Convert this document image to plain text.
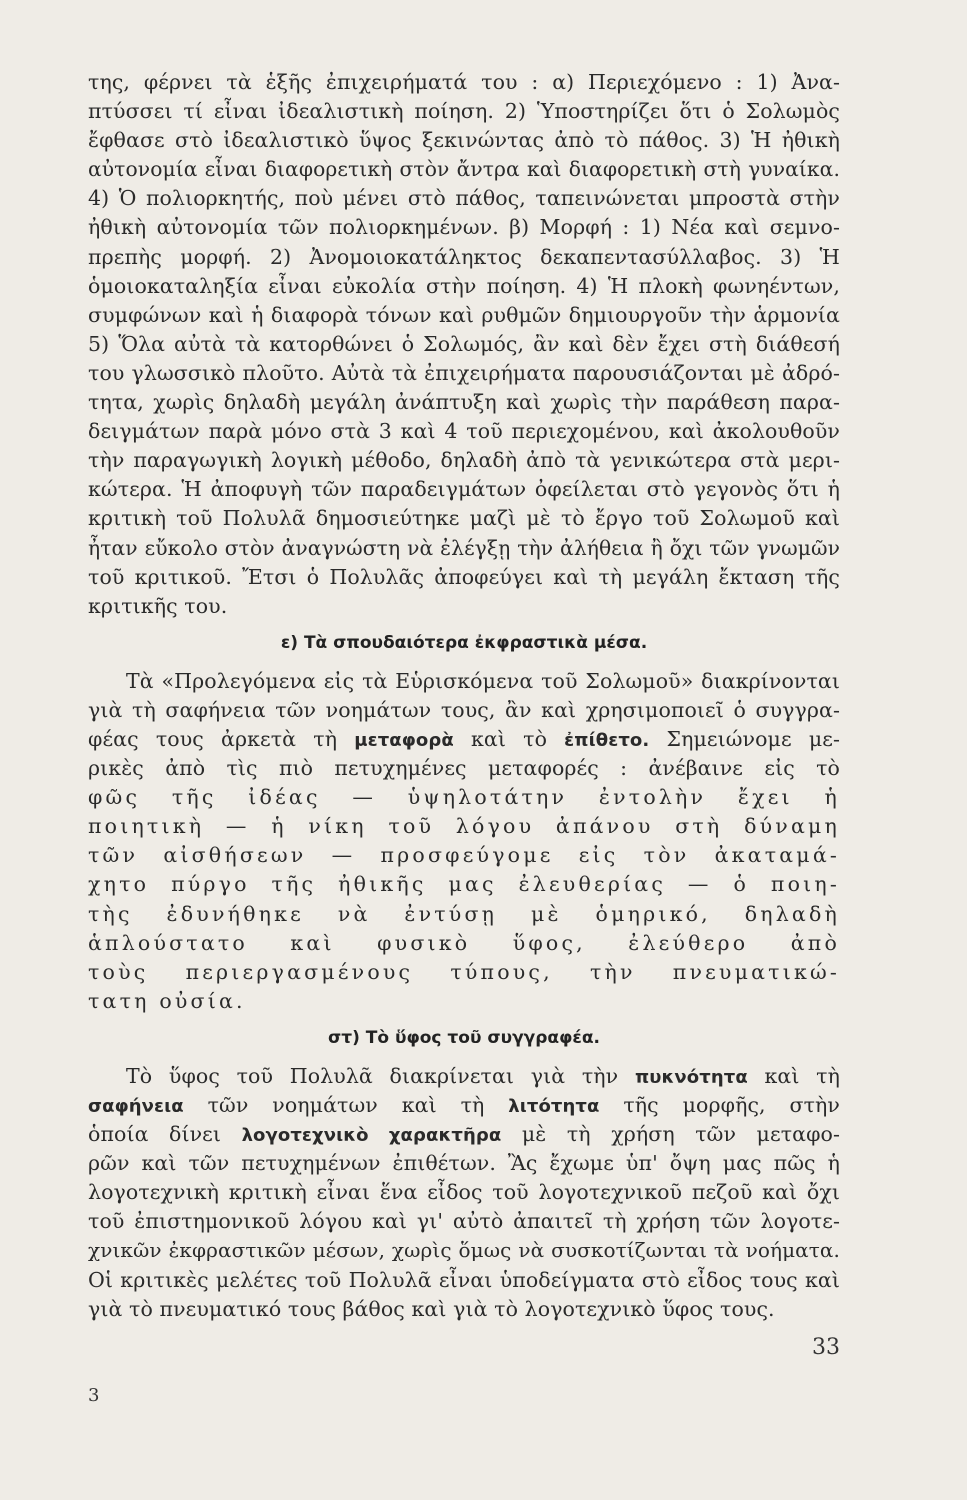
της, φέρνει τὰ ἑξῆς ἐπιχειρήματά του : α) Περιεχόμενο : 1) Ἀνα-
πτύσσει τί εἶναι ἰδεαλιστικὴ ποίηση. 2) Ὑποστηρίζει ὅτι ὁ Σολωμὸς
ἔφθασε στὸ ἰδεαλιστικὸ ὕψος ξεκινώντας ἀπὸ τὸ πάθος. 3) Ἡ ἠθικὴ
αὐτονομία εἶναι διαφορετικὴ στὸν ἄντρα καὶ διαφορετικὴ στὴ γυναίκα.
4) Ὁ πολιορκητής, ποὺ μένει στὸ πάθος, ταπεινώνεται μπροστὰ στὴν
ἠθικὴ αὐτονομία τῶν πολιορκημένων. β) Μορφή : 1) Νέα καὶ σεμνο-
πρεπὴς μορφή. 2) Ἀνομοιοκατάληκτος δεκαπεντασύλλαβος. 3) Ἡ
ὁμοιοκαταληξία εἶναι εὐκολία στὴν ποίηση. 4) Ἡ πλοκὴ φωνηέντων,
συμφώνων καὶ ἡ διαφορὰ τόνων καὶ ρυθμῶν δημιουργοῦν τὴν ἁρμονία
5) Ὅλα αὐτὰ τὰ κατορθώνει ὁ Σολωμός, ἂν καὶ δὲν ἔχει στὴ διάθεσή
του γλωσσικὸ πλοῦτο. Αὐτὰ τὰ ἐπιχειρήματα παρουσιάζονται μὲ ἀδρό-
τητα, χωρὶς δηλαδὴ μεγάλη ἀνάπτυξη καὶ χωρὶς τὴν παράθεση παρα-
δειγμάτων παρὰ μόνο στὰ 3 καὶ 4 τοῦ περιεχομένου, καὶ ἀκολουθοῦν
τὴν παραγωγικὴ λογικὴ μέθοδο, δηλαδὴ ἀπὸ τὰ γενικώτερα στὰ μερι-
κώτερα. Ἡ ἀποφυγὴ τῶν παραδειγμάτων ὀφείλεται στὸ γεγονὸς ὅτι ἡ
κριτικὴ τοῦ Πολυλᾶ δημοσιεύτηκε μαζὶ μὲ τὸ ἔργο τοῦ Σολωμοῦ καὶ
ἦταν εὔκολο στὸν ἀναγνώστη νὰ ἐλέγξῃ τὴν ἀλήθεια ἢ ὄχι τῶν γνωμῶν
τοῦ κριτικοῦ. Ἔτσι ὁ Πολυλᾶς ἀποφεύγει καὶ τὴ μεγάλη ἔκταση τῆς
κριτικῆς του.
ε) Τὰ σπουδαιότερα ἐκφραστικὰ μέσα.
Τὰ «Προλεγόμενα εἰς τὰ Εὑρισκόμενα τοῦ Σολωμοῦ» διακρίνονται
γιὰ τὴ σαφήνεια τῶν νοημάτων τους, ἂν καὶ χρησιμοποιεῖ ὁ συγγρα-
φέας τους ἀρκετὰ τὴ μεταφορὰ καὶ τὸ ἐπίθετο. Σημειώνομε με-
ρικὲς ἀπὸ τὶς πιὸ πετυχημένες μεταφορές : ἀνέβαινε εἰς τὸ
φῶς τῆς ἰδέας — ὑψηλοτάτην ἐντολὴν ἔχει ἡ
ποιητικὴ — ἡ νίκη τοῦ λόγου ἀπάνου στὴ δύναμη
τῶν αἰσθήσεων — προσφεύγομε εἰς τὸν ἀκαταμά-
χητο πύργο τῆς ἠθικῆς μας ἐλευθερίας — ὁ ποιη-
τὴς ἐδυνήθηκε νὰ ἐντύσῃ μὲ ὁμηρικό, δηλαδὴ
ἁπλούστατο καὶ φυσικὸ ὕφος, ἐλεύθερο ἀπὸ
τοὺς περιεργασμένους τύπους, τὴν πνευματικώ-
τατη οὐσία.
στ) Τὸ ὕφος τοῦ συγγραφέα.
Τὸ ὕφος τοῦ Πολυλᾶ διακρίνεται γιὰ τὴν πυκνότητα καὶ τὴ
σαφήνεια τῶν νοημάτων καὶ τὴ λιτότητα τῆς μορφῆς, στὴν
ὁποία δίνει λογοτεχνικὸ χαρακτῆρα μὲ τὴ χρήση τῶν μεταφο-
ρῶν καὶ τῶν πετυχημένων ἐπιθέτων. Ἂς ἔχωμε ὑπ' ὄψη μας πῶς ἡ
λογοτεχνικὴ κριτικὴ εἶναι ἕνα εἶδος τοῦ λογοτεχνικοῦ πεζοῦ καὶ ὄχι
τοῦ ἐπιστημονικοῦ λόγου καὶ γι' αὐτὸ ἀπαιτεῖ τὴ χρήση τῶν λογοτε-
χνικῶν ἐκφραστικῶν μέσων, χωρὶς ὅμως νὰ συσκοτίζωνται τὰ νοήματα.
Οἱ κριτικὲς μελέτες τοῦ Πολυλᾶ εἶναι ὑποδείγματα στὸ εἶδος τους καὶ
γιὰ τὸ πνευματικό τους βάθος καὶ γιὰ τὸ λογοτεχνικὸ ὕφος τους.
33
3
